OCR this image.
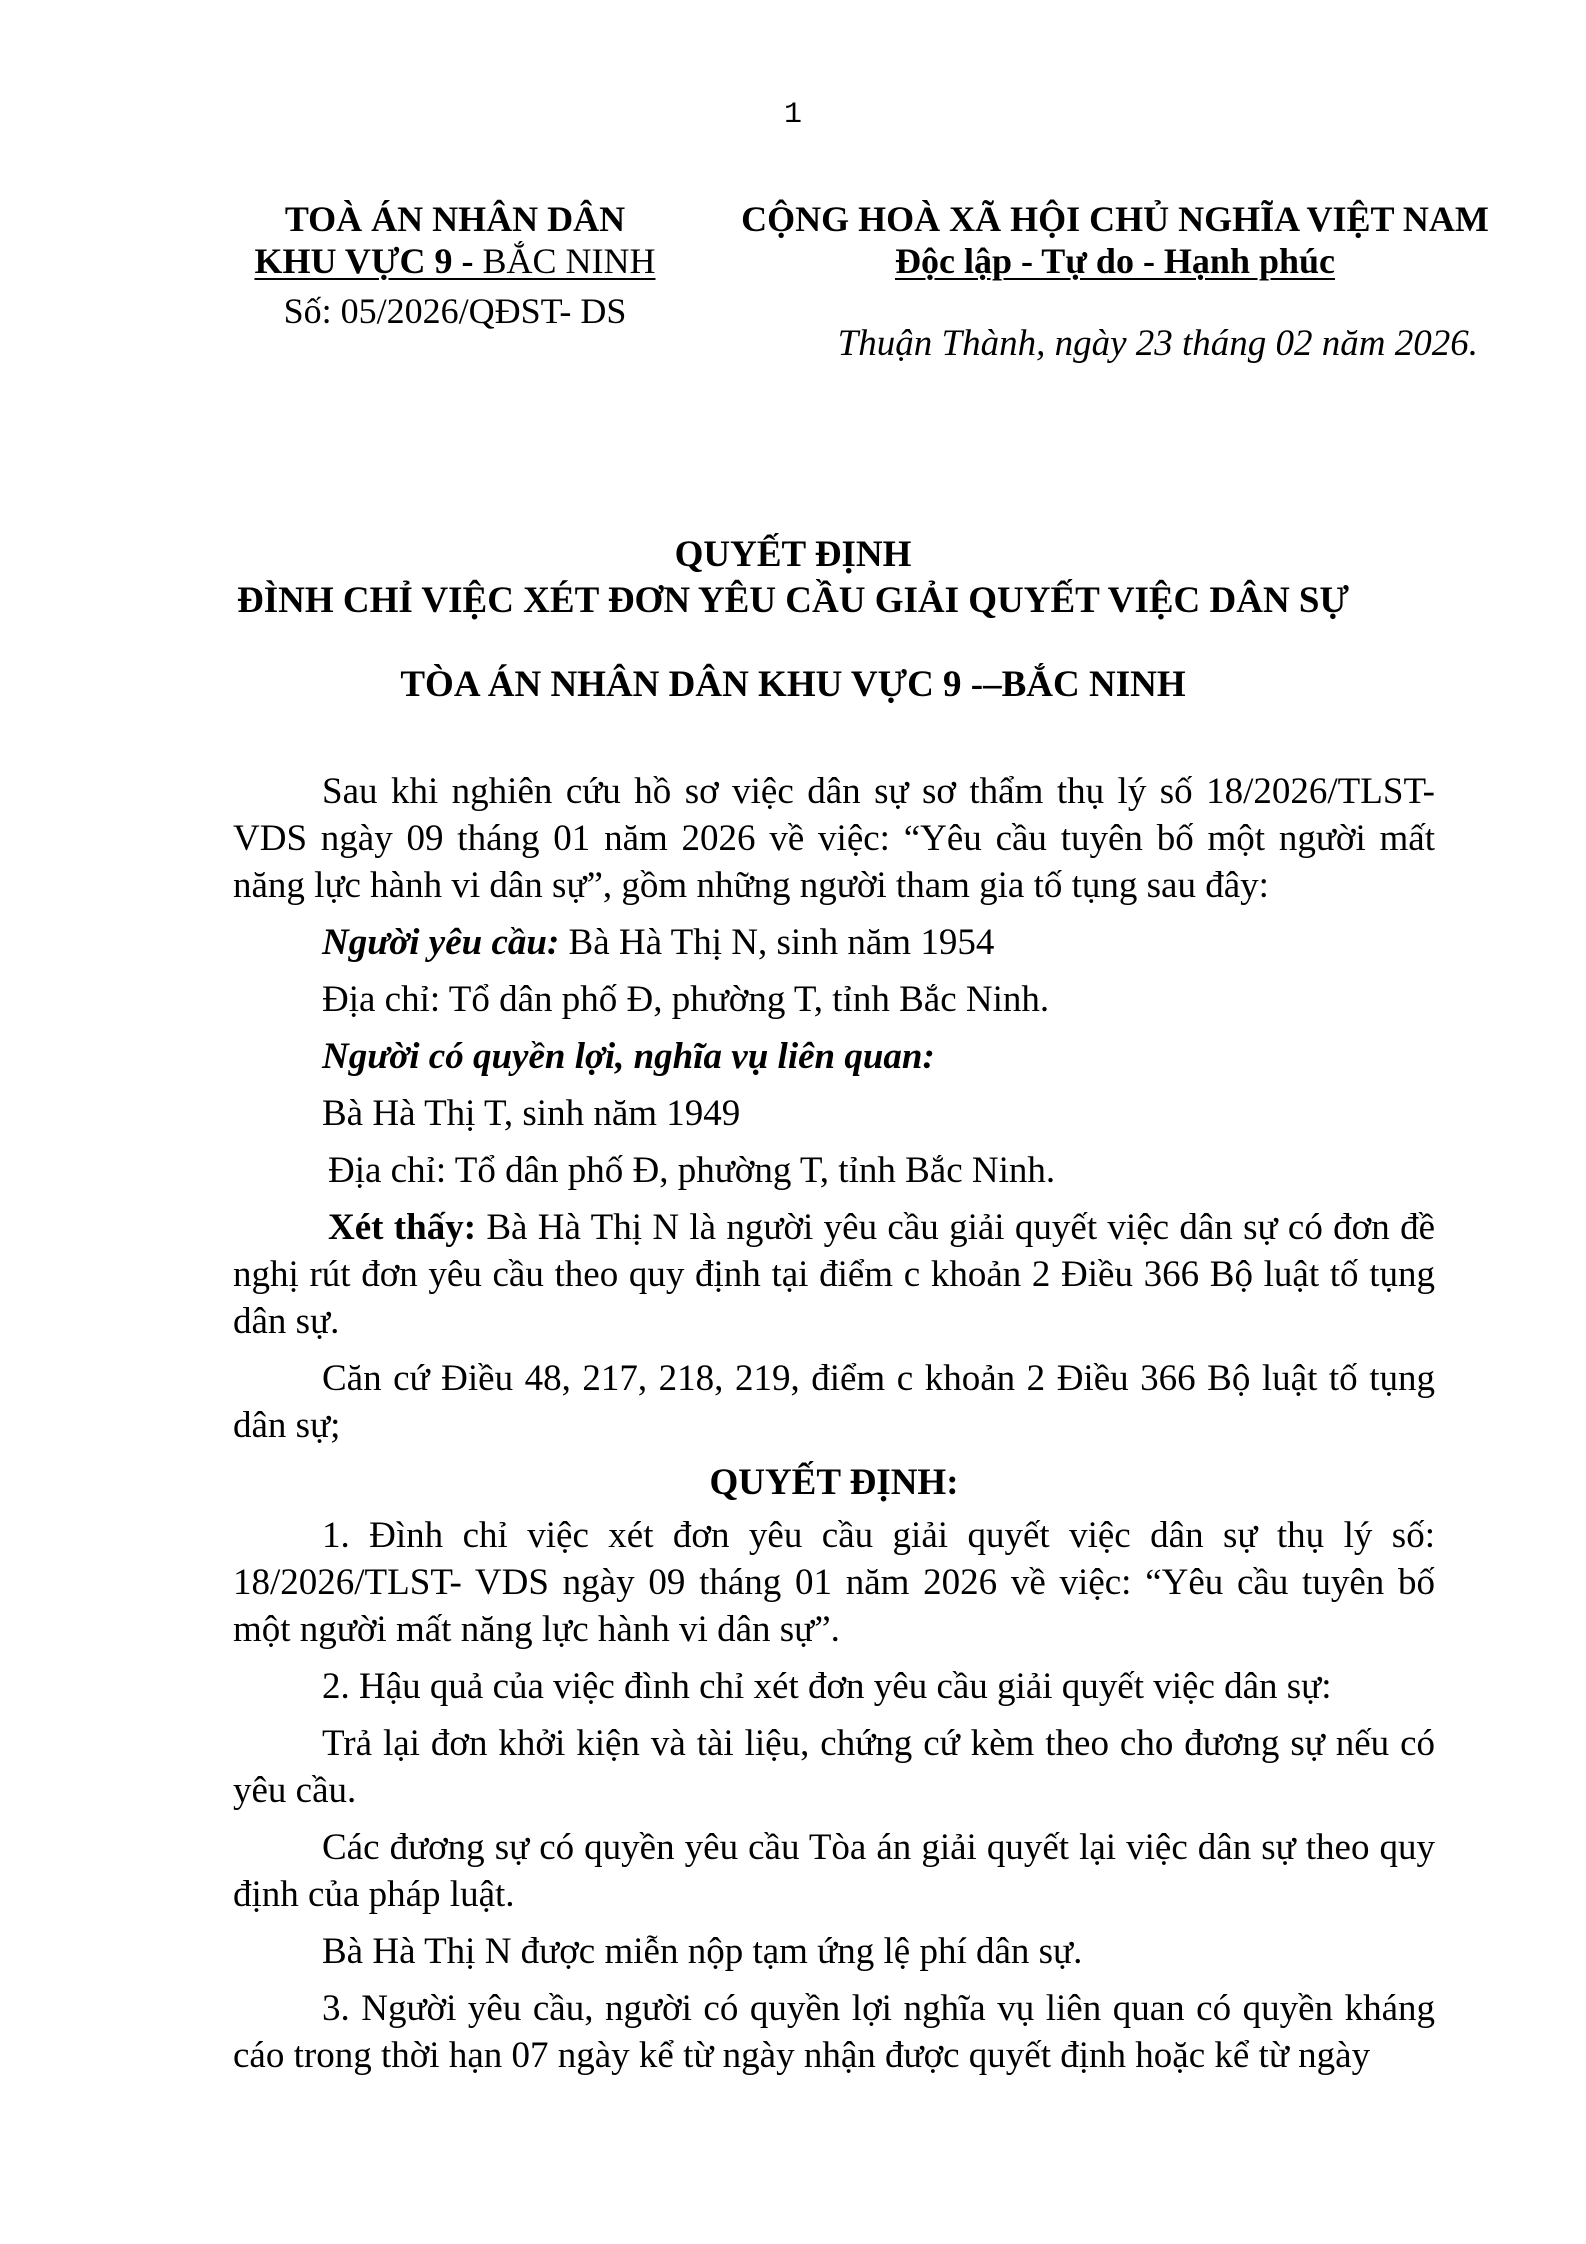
1
TOÀ ÁN NHÂN DÂN
KHU VỰC 9 - BẮC NINH
Số: 05/2026/QĐST- DS
CỘNG HOÀ XÃ HỘI CHỦ NGHĨA VIỆT NAM
Độc lập - Tự do - Hạnh phúc
Thuận Thành, ngày 23 tháng 02 năm 2026.
QUYẾT ĐỊNH
ĐÌNH CHỈ VIỆC XÉT ĐƠN YÊU CẦU GIẢI QUYẾT VIỆC DÂN SỰ
TÒA ÁN NHÂN DÂN KHU VỰC 9 -–BẮC NINH

Sau khi nghiên cứu hồ sơ việc dân sự sơ thẩm thụ lý số 18/2026/TLST-VDS ngày 09 tháng 01 năm 2026 về việc: “Yêu cầu tuyên bố một người mất năng lực hành vi dân sự”, gồm những người tham gia tố tụng sau đây:

Người yêu cầu: Bà Hà Thị N, sinh năm 1954

Địa chỉ: Tổ dân phố Đ, phường T, tỉnh Bắc Ninh.

Người có quyền lợi, nghĩa vụ liên quan:

Bà Hà Thị T, sinh năm 1949

Địa chỉ: Tổ dân phố Đ, phường T, tỉnh Bắc Ninh.

Xét thấy: Bà Hà Thị N là người yêu cầu giải quyết việc dân sự có đơn đề nghị rút đơn yêu cầu theo quy định tại điểm c khoản 2 Điều 366 Bộ luật tố tụng dân sự.

Căn cứ Điều 48, 217, 218, 219, điểm c khoản 2 Điều 366 Bộ luật tố tụng dân sự;

QUYẾT ĐỊNH:

1. Đình chỉ việc xét đơn yêu cầu giải quyết việc dân sự thụ lý số: 18/2026/TLST- VDS ngày 09 tháng 01 năm 2026 về việc: “Yêu cầu tuyên bố một người mất năng lực hành vi dân sự”.

2. Hậu quả của việc đình chỉ xét đơn yêu cầu giải quyết việc dân sự:

Trả lại đơn khởi kiện và tài liệu, chứng cứ kèm theo cho đương sự nếu có yêu cầu.

Các đương sự có quyền yêu cầu Tòa án giải quyết lại việc dân sự theo quy định của pháp luật.

Bà Hà Thị N được miễn nộp tạm ứng lệ phí dân sự.

3. Người yêu cầu, người có quyền lợi nghĩa vụ liên quan có quyền kháng cáo trong thời hạn 07 ngày kể từ ngày nhận được quyết định hoặc kể từ ngày
